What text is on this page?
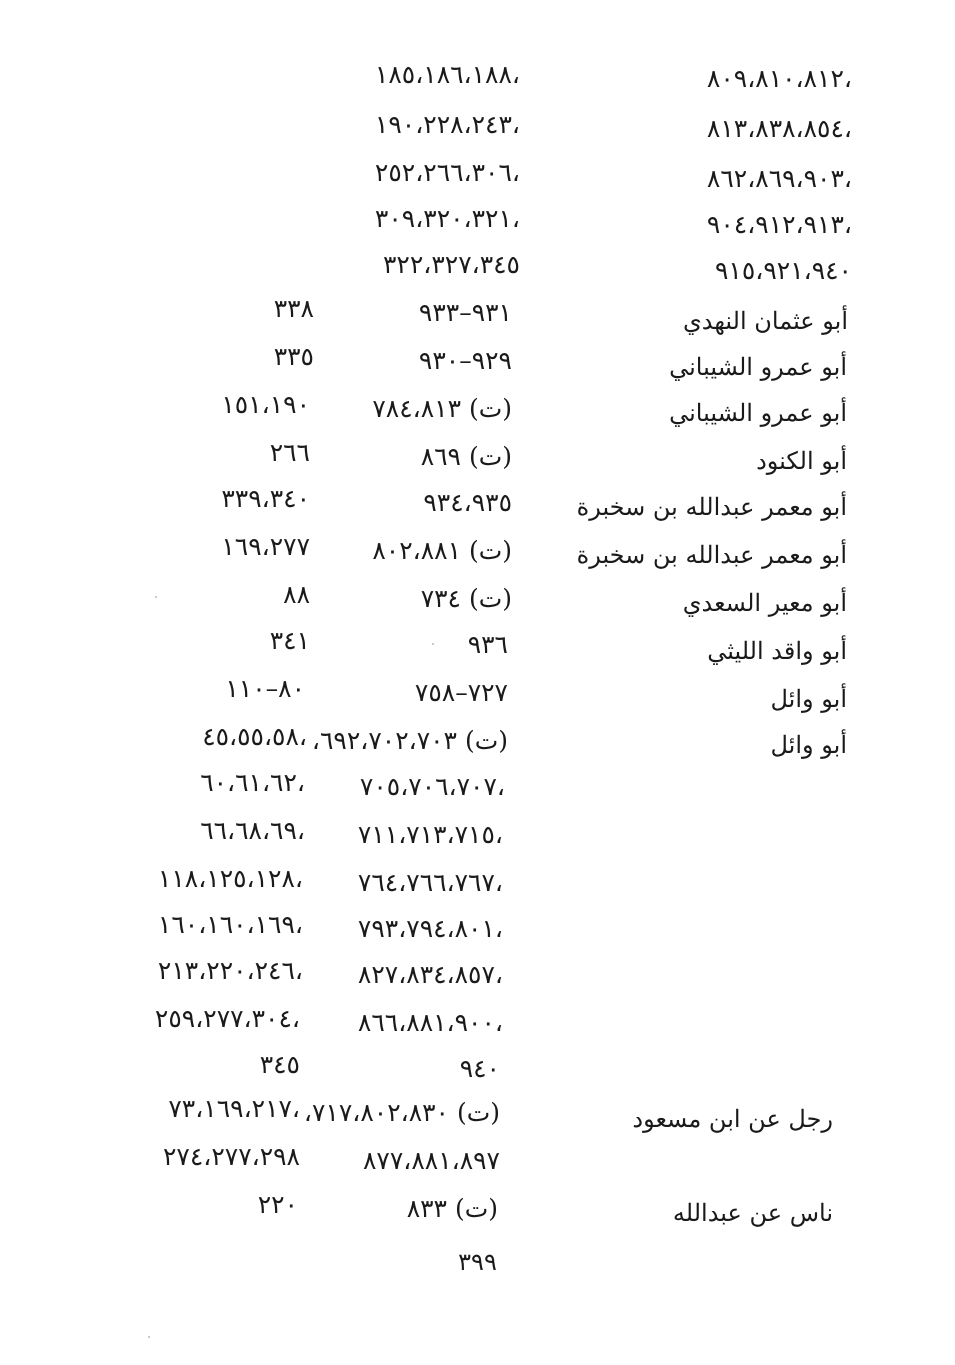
٨٠٩،٨١٠،٨١٢،
١٨٥،١٨٦،١٨٨،
٨١٣،٨٣٨،٨٥٤،
١٩٠،٢٢٨،٢٤٣،
٨٦٢،٨٦٩،٩٠٣،
٢٥٢،٢٦٦،٣٠٦،
٩٠٤،٩١٢،٩١٣،
٣٠٩،٣٢٠،٣٢١،
٩١٥،٩٢١،٩٤٠
٣٢٢،٣٢٧،٣٤٥
أبو عثمان النهدي
٩٣١–٩٣٣
٣٣٨
أبو عمرو الشيباني
٩٢٩–٩٣٠
٣٣٥
أبو عمرو الشيباني
(ت) ٧٨٤،٨١٣
١٥١،١٩٠
أبو الكنود
(ت) ٨٦٩
٢٦٦
أبو معمر عبدالله بن سخبرة
٩٣٤،٩٣٥
٣٣٩،٣٤٠
أبو معمر عبدالله بن سخبرة
(ت) ٨٠٢،٨٨١
١٦٩،٢٧٧
أبو معير السعدي
(ت) ٧٣٤
٨٨
أبو واقد الليثي
٩٣٦
٣٤١
أبو وائل
٧٢٧–٧٥٨
٨٠–١١٠
أبو وائل
(ت) ٦٩٢،٧٠٢،٧٠٣،
٤٥،٥٥،٥٨،
٧٠٥،٧٠٦،٧٠٧،
٦٠،٦١،٦٢،
٧١١،٧١٣،٧١٥،
٦٦،٦٨،٦٩،
٧٦٤،٧٦٦،٧٦٧،
١١٨،١٢٥،١٢٨،
٧٩٣،٧٩٤،٨٠١،
١٦٠،١٦٠،١٦٩،
٨٢٧،٨٣٤،٨٥٧،
٢١٣،٢٢٠،٢٤٦،
٨٦٦،٨٨١،٩٠٠،
٢٥٩،٢٧٧،٣٠٤،
٩٤٠
٣٤٥
رجل عن ابن مسعود
(ت) ٧١٧،٨٠٢،٨٣٠،
٧٣،١٦٩،٢١٧،
٨٧٧،٨٨١،٨٩٧
٢٧٤،٢٧٧،٢٩٨
ناس عن عبدالله
(ت) ٨٣٣
٢٢٠
٣٩٩
